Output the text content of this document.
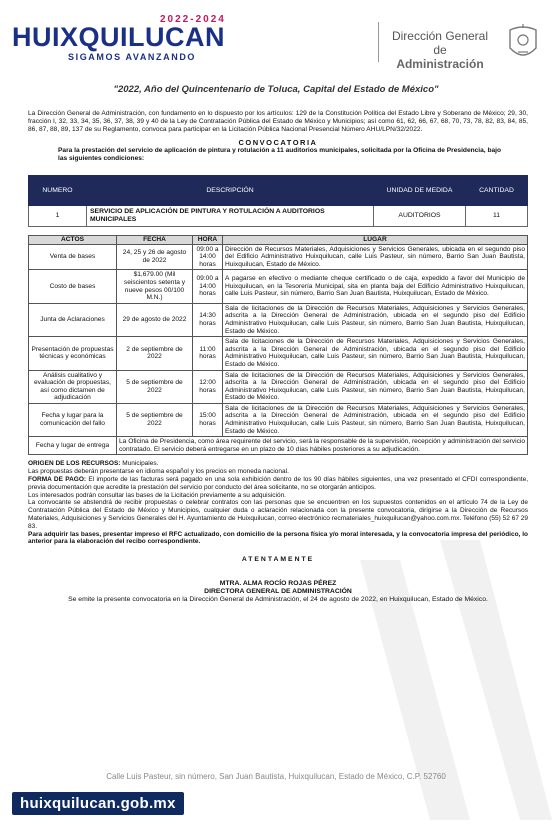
2022-2024
HUIXQUILUCAN
SIGAMOS AVANZANDO
Dirección General de
Administración
"2022, Año del Quincentenario de Toluca, Capital del Estado de México"

La Dirección General de Administración, con fundamento en lo dispuesto por los artículos: 129 de la Constitución Política del Estado Libre y Soberano de México; 29, 30, fracción I, 32, 33, 34, 35, 36, 37, 38, 39 y 40 de la Ley de Contratación Pública del Estado de México y Municipios; así como 61, 62, 66, 67, 68, 70, 73, 78, 82, 83, 84, 85, 86, 87, 88, 89, 137 de su Reglamento, convoca para participar en la Licitación Pública Nacional Presencial Número AHU/LPN/32/2022.

CONVOCATORIA

Para la prestación del servicio de aplicación de pintura y rotulación a 11 auditorios municipales, solicitada por la Oficina de Presidencia, bajo las siguientes condiciones:

NUMERO	DESCRIPCIÓN	UNIDAD DE MEDIDA	CANTIDAD
1	SERVICIO DE APLICACIÓN DE PINTURA Y ROTULACIÓN A AUDITORIOS MUNICIPALES	AUDITORIOS	11
ACTOS	FECHA	HORA	LUGAR
Venta de bases	24, 25 y 26 de agosto de 2022	09:00 a 14:00 horas	Dirección de Recursos Materiales, Adquisiciones y Servicios Generales, ubicada en el segundo piso del Edificio Administrativo Huixquilucan, calle Luis Pasteur, sin número, Barrio San Juan Bautista, Huixquilucan, Estado de México.
Costo de bases	$1,679.00 (Mil seiscientos setenta y nueve pesos 00/100 M.N.)	09:00 a 14:00 horas	A pagarse en efectivo o mediante cheque certificado o de caja, expedido a favor del Municipio de Huixquilucan, en la Tesorería Municipal, sita en planta baja del Edificio Administrativo Huixquilucan, calle Luis Pasteur, sin número, Barrio San Juan Bautista, Huixquilucan, Estado de México.
Junta de Aclaraciones	29 de agosto de 2022	14:30 horas	Sala de licitaciones de la Dirección de Recursos Materiales, Adquisiciones y Servicios Generales, adscrita a la Dirección General de Administración, ubicada en el segundo piso del Edificio Administrativo Huixquilucan, calle Luis Pasteur, sin número, Barrio San Juan Bautista, Huixquilucan, Estado de México.
Presentación de propuestas técnicas y económicas	2 de septiembre de 2022	11:00 horas	Sala de licitaciones de la Dirección de Recursos Materiales, Adquisiciones y Servicios Generales, adscrita a la Dirección General de Administración, ubicada en el segundo piso del Edificio Administrativo Huixquilucan, calle Luis Pasteur, sin número, Barrio San Juan Bautista, Huixquilucan, Estado de México.
Análisis cualitativo y evaluación de propuestas, así como dictamen de adjudicación	5 de septiembre de 2022	12:00 horas	Sala de licitaciones de la Dirección de Recursos Materiales, Adquisiciones y Servicios Generales, adscrita a la Dirección General de Administración, ubicada en el segundo piso del Edificio Administrativo Huixquilucan, calle Luis Pasteur, sin número, Barrio San Juan Bautista, Huixquilucan, Estado de México.
Fecha y lugar para la comunicación del fallo	5 de septiembre de 2022	15:00 horas	Sala de licitaciones de la Dirección de Recursos Materiales, Adquisiciones y Servicios Generales, adscrita a la Dirección General de Administración, ubicada en el segundo piso del Edificio Administrativo Huixquilucan, calle Luis Pasteur, sin número, Barrio San Juan Bautista, Huixquilucan, Estado de México.
Fecha y lugar de entrega	La Oficina de Presidencia, como área requirente del servicio, será la responsable de la supervisión, recepción y administración del servicio contratado. El servicio deberá entregarse en un plazo de 10 días hábiles posteriores a su adjudicación.		

ORIGEN DE LOS RECURSOS: Municipales.

Las propuestas deberán presentarse en idioma español y los precios en moneda nacional.

FORMA DE PAGO: El importe de las facturas será pagado en una sola exhibición dentro de los 90 días hábiles siguientes, una vez presentado el CFDI correspondiente, previa documentación que acredite la prestación del servicio por conducto del área solicitante, no se otorgarán anticipos.

Los interesados podrán consultar las bases de la Licitación previamente a su adquisición.

La convocante se abstendrá de recibir propuestas o celebrar contratos con las personas que se encuentren en los supuestos contenidos en el artículo 74 de la Ley de Contratación Pública del Estado de México y Municipios, cualquier duda o aclaración relacionada con la presente convocatoria, dirigirse a la Dirección de Recursos Materiales, Adquisiciones y Servicios Generales del H. Ayuntamiento de Huixquilucan, correo electrónico recmateriales_huixquilucan@yahoo.com.mx. Teléfono (55) 52 67 29 83.

Para adquirir las bases, presentar impreso el RFC actualizado, con domicilio de la persona física y/o moral interesada, y la convocatoria impresa del periódico, lo anterior para la elaboración del recibo correspondiente.

ATENTAMENTE

MTRA. ALMA ROCÍO ROJAS PÉREZ

DIRECTORA GENERAL DE ADMINISTRACIÓN

Se emite la presente convocatoria en la Dirección General de Administración, el 24 de agosto de 2022, en Huixquilucan, Estado de México.

Calle Luis Pasteur, sin número, San Juan Bautista, Huixquilucan, Estado de México, C.P. 52760
huixquilucan.gob.mx
